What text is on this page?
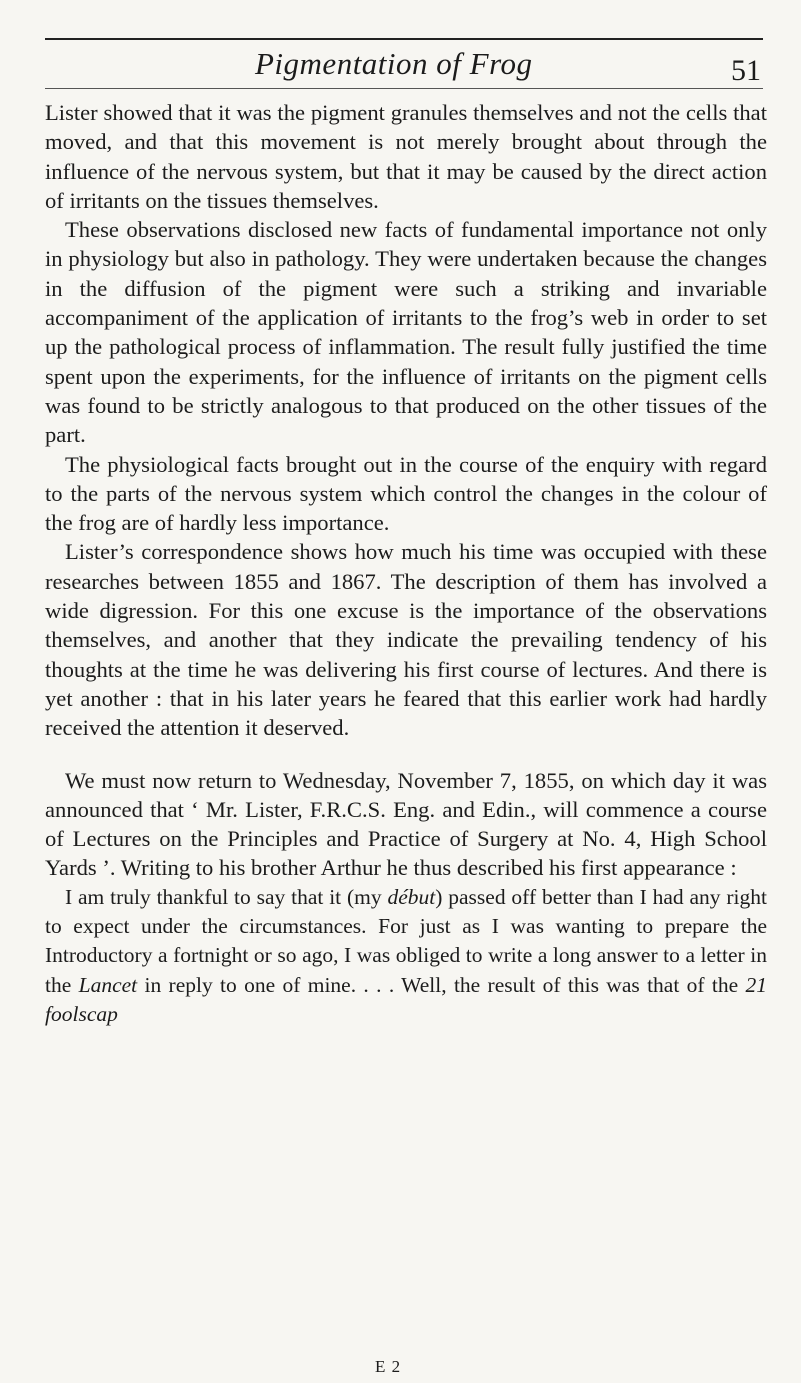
Pigmentation of Frog	51

Lister showed that it was the pigment granules themselves and not the cells that moved, and that this movement is not merely brought about through the influence of the nervous system, but that it may be caused by the direct action of irritants on the tissues themselves.

These observations disclosed new facts of fundamental importance not only in physiology but also in pathology. They were undertaken because the changes in the diffusion of the pigment were such a striking and invariable accompaniment of the application of irritants to the frog’s web in order to set up the pathological process of inflammation. The result fully justified the time spent upon the experiments, for the influence of irritants on the pigment cells was found to be strictly analogous to that produced on the other tissues of the part.

The physiological facts brought out in the course of the enquiry with regard to the parts of the nervous system which control the changes in the colour of the frog are of hardly less importance.

Lister’s correspondence shows how much his time was occupied with these researches between 1855 and 1867. The description of them has involved a wide digression. For this one excuse is the importance of the observations themselves, and another that they indicate the prevailing tendency of his thoughts at the time he was delivering his first course of lectures. And there is yet another : that in his later years he feared that this earlier work had hardly received the attention it deserved.

We must now return to Wednesday, November 7, 1855, on which day it was announced that ‘ Mr. Lister, F.R.C.S. Eng. and Edin., will commence a course of Lectures on the Principles and Practice of Surgery at No. 4, High School Yards ’. Writing to his brother Arthur he thus described his first appearance :

I am truly thankful to say that it (my début) passed off better than I had any right to expect under the circumstances. For just as I was wanting to prepare the Introductory a fortnight or so ago, I was obliged to write a long answer to a letter in the Lancet in reply to one of mine. . . . Well, the result of this was that of the 21 foolscap

E 2
